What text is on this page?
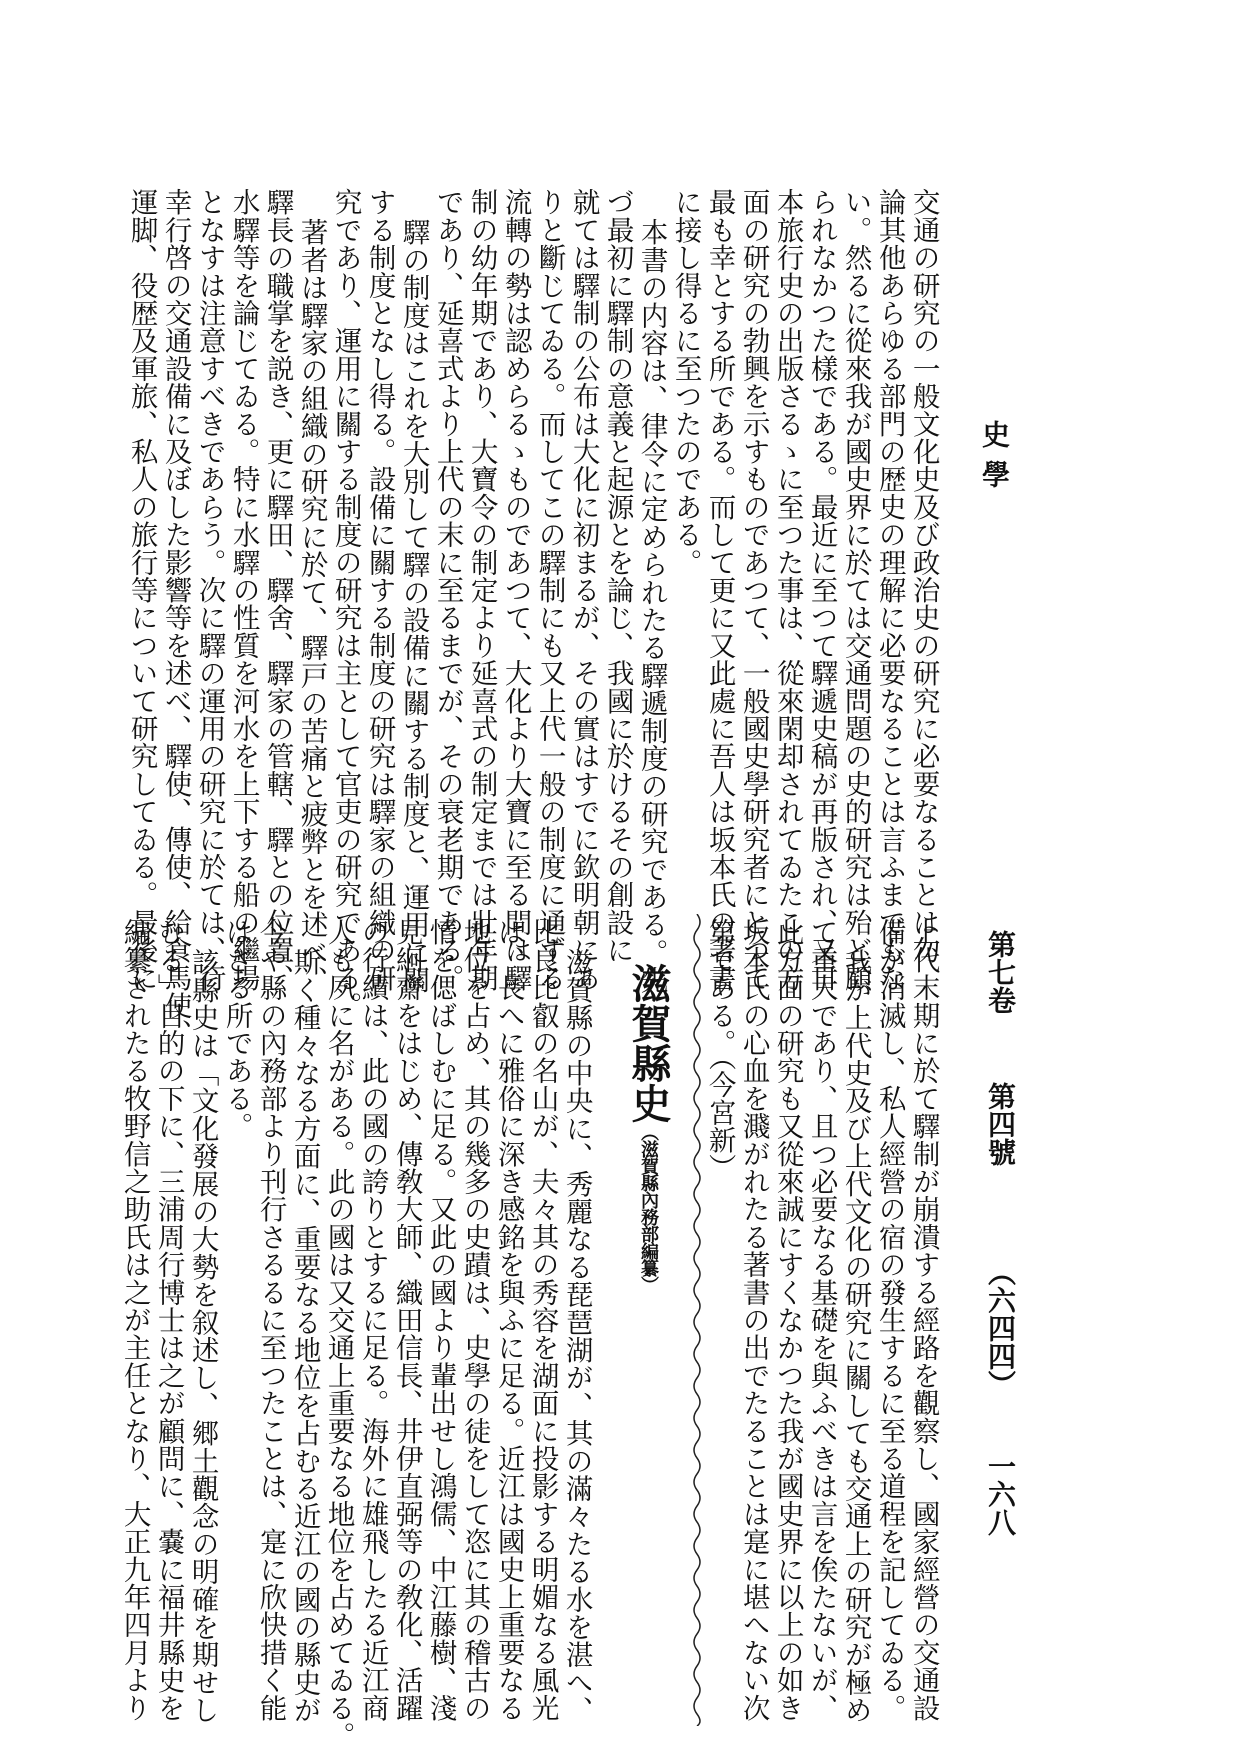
史學
第七卷
第四號
（六四四）
一六八
交通の研究の一般文化史及び政治史の研究に必要なることは勿
論其他あらゆる部門の歴史の理解に必要なることは言ふまでもな
い。然るに從來我が國史界に於ては交通問題の史的研究は殆ど顧
られなかつた樣である。最近に至つて驛遞史稿が再版され、又日
本旅行史の出版さるゝに至つた事は、從來閑却されてゐたこの方
面の研究の勃興を示すものであつて、一般國史學研究者にとつて
最も幸とする所である。而して更に又此處に吾人は坂本氏の著書
に接し得るに至つたのである。
本書の内容は、律令に定められたる驛遞制度の研究である。先
づ最初に驛制の意義と起源とを論じ、我國に於けるその創設に
就ては驛制の公布は大化に初まるが、その實はすでに欽明朝にあ
りと斷じてゐる。而してこの驛制にも又上代一般の制度に通ずる
流轉の勢は認めらるゝものであつて、大化より大寶に至る間は驛
制の幼年期であり、大寶令の制定より延喜式の制定までは壯年期
であり、延喜式より上代の末に至るまでが、その衰老期である。
驛の制度はこれを大別して驛の設備に關する制度と、運用に關
する制度となし得る。設備に關する制度の研究は驛家の組織の研
究であり、運用に關する制度の研究は主として官吏の研究である。
著者は驛家の組織の研究に於て、驛戸の苦痛と疲弊とを述べ、
驛長の職掌を説き、更に驛田、驛舍、驛家の管轄、驛との位置、
水驛等を論じてゐる。特に水驛の性質を河水を上下する船の繼場
となすは注意すべきであらう。次に驛の運用の研究に於ては、行
幸行啓の交通設備に及ぼした影響等を述べ、驛使、傳使、給食馬使、
運脚、役歴及軍旅、私人の旅行等について研究してゐる。最後に
上代末期に於て驛制が崩潰する經路を觀察し、國家經營の交通設
備が消滅し、私人經營の宿の發生するに至る道程を記してゐる。
我が上代史及び上代文化の研究に關しても交通上の研究が極め
て重大であり、且つ必要なる基礎を與ふべきは言を俟たないが、
此方面の研究も又從來誠にすくなかつた我が國史界に以上の如き
坂本氏の心血を濺がれたる著書の出でたることは寔に堪へない次
第である。（今宮新）
滋賀縣史（滋賀縣內務部編纂）
滋賀縣の中央に、秀麗なる琵琶湖が、其の滿々たる水を湛へ、
比良比叡の名山が、夫々其の秀容を湖面に投影する明媚なる風光
は、長へに雅俗に深き感銘を與ふに足る。近江は國史上重要なる
地位を占め、其の幾多の史蹟は、史學の徒をして恣に其の稽古の
情を偲ばしむに足る。又此の國より輩出せし鴻儒、中江藤樹、淺
見絅齋をはじめ、傳敎大師、織田信長、井伊直弼等の敎化、活躍
の行績は、此の國の誇りとするに足る。海外に雄飛したる近江商
人も夙に名がある。此の國は又交通上重要なる地位を占めてゐる。
斯く種々なる方面に、重要なる地位を占むる近江の國の縣史が
今や縣の內務部より刊行さるるに至つたことは、寔に欣快措く能
はざる所である。
該縣史は「文化發展の大勢を叙述し、郷土觀念の明確を期せし
むる」目的の下に、三浦周行博士は之が顧問に、嚢に福井縣史を
編纂されたる牧野信之助氏は之が主任となり、大正九年四月より
